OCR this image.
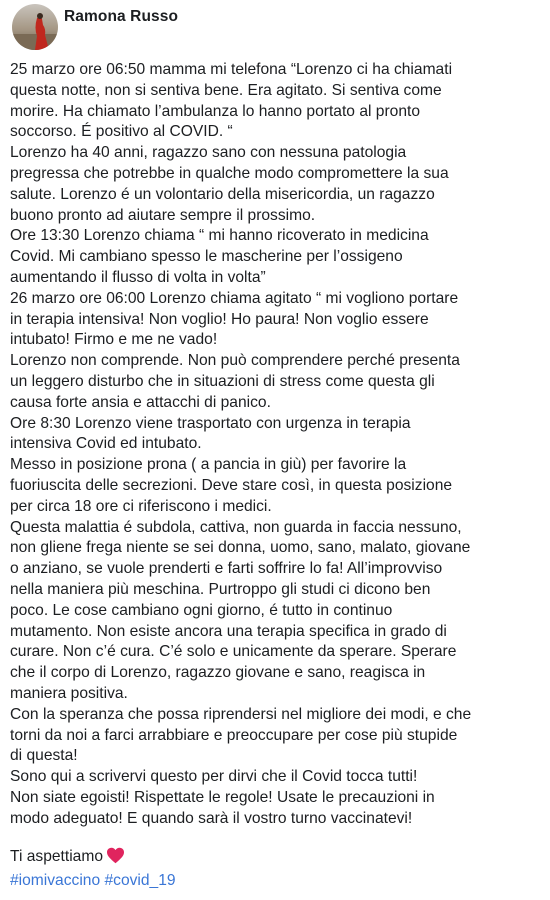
Ramona Russo

25 marzo ore 06:50 mamma mi telefona “Lorenzo ci ha chiamati

questa notte, non si sentiva bene. Era agitato. Si sentiva come

morire. Ha chiamato l’ambulanza lo hanno portato al pronto

soccorso. É positivo al COVID. “

Lorenzo ha 40 anni, ragazzo sano con nessuna patologia

pregressa che potrebbe in qualche modo compromettere la sua

salute. Lorenzo é un volontario della misericordia, un ragazzo

buono pronto ad aiutare sempre il prossimo.

Ore 13:30 Lorenzo chiama “ mi hanno ricoverato in medicina

Covid. Mi cambiano spesso le mascherine per l’ossigeno

aumentando il flusso di volta in volta”

26 marzo ore 06:00 Lorenzo chiama agitato “ mi vogliono portare

in terapia intensiva! Non voglio! Ho paura! Non voglio essere

intubato! Firmo e me ne vado!

Lorenzo non comprende. Non può comprendere perché presenta

un leggero disturbo che in situazioni di stress come questa gli

causa forte ansia e attacchi di panico.

Ore 8:30 Lorenzo viene trasportato con urgenza in terapia

intensiva Covid ed intubato.

Messo in posizione prona ( a pancia in giù) per favorire la

fuoriuscita delle secrezioni. Deve stare così, in questa posizione

per circa 18 ore ci riferiscono i medici.

Questa malattia é subdola, cattiva, non guarda in faccia nessuno,

non gliene frega niente se sei donna, uomo, sano, malato, giovane

o anziano, se vuole prenderti e farti soffrire lo fa! All’improvviso

nella maniera più meschina. Purtroppo gli studi ci dicono ben

poco. Le cose cambiano ogni giorno, é tutto in continuo

mutamento. Non esiste ancora una terapia specifica in grado di

curare. Non c’é cura. C’é solo e unicamente da sperare. Sperare

che il corpo di Lorenzo, ragazzo giovane e sano, reagisca in

maniera positiva.

Con la speranza che possa riprendersi nel migliore dei modi, e che

torni da noi a farci arrabbiare e preoccupare per cose più stupide

di questa!

Sono qui a scrivervi questo per dirvi che il Covid tocca tutti!

Non siate egoisti! Rispettate le regole! Usate le precauzioni in

modo adeguato! E quando sarà il vostro turno vaccinatevi!

Ti aspettiamo

#iomivaccino #covid_19
